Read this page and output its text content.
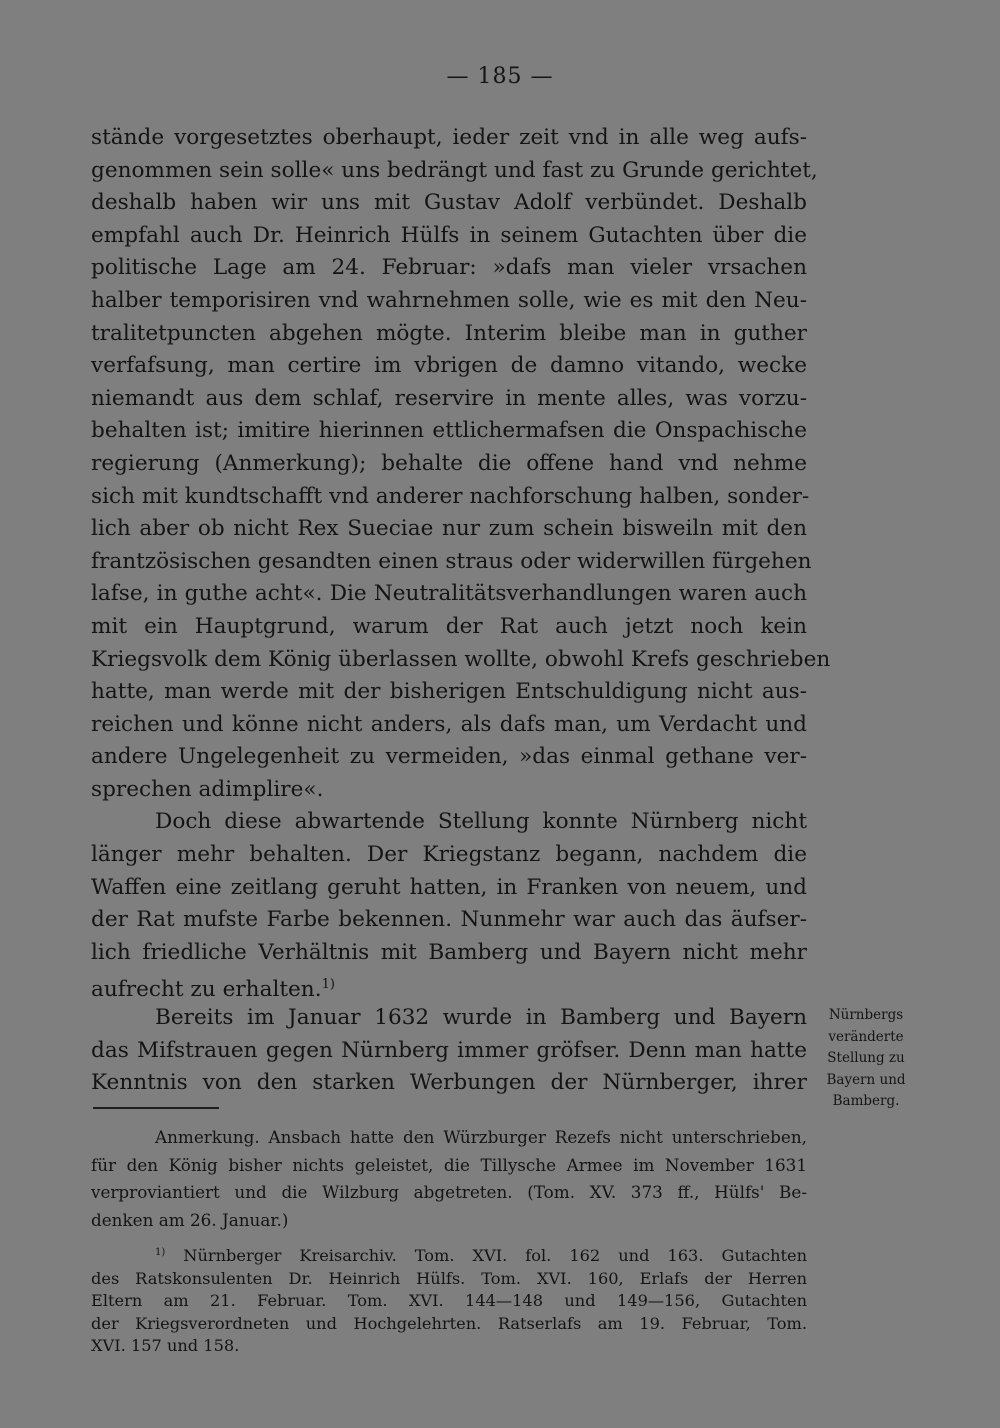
— 185 —
stände vorgesetztes oberhaupt, ieder zeit vnd in alle weg aufs-
genommen sein solle« uns bedrängt und fast zu Grunde gerichtet,
deshalb haben wir uns mit Gustav Adolf verbündet. Deshalb
empfahl auch Dr. Heinrich Hülfs in seinem Gutachten über die
politische Lage am 24. Februar: »dafs man vieler vrsachen
halber temporisiren vnd wahrnehmen solle, wie es mit den Neu-
tralitetpuncten abgehen mögte. Interim bleibe man in guther
verfafsung, man certire im vbrigen de damno vitando, wecke
niemandt aus dem schlaf, reservire in mente alles, was vorzu-
behalten ist; imitire hierinnen ettlichermafsen die Onspachische
regierung (Anmerkung); behalte die offene hand vnd nehme
sich mit kundtschafft vnd anderer nachforschung halben, sonder-
lich aber ob nicht Rex Sueciae nur zum schein bisweiln mit den
frantzösischen gesandten einen straus oder widerwillen fürgehen
lafse, in guthe acht«. Die Neutralitätsverhandlungen waren auch
mit ein Hauptgrund, warum der Rat auch jetzt noch kein
Kriegsvolk dem König überlassen wollte, obwohl Krefs geschrieben
hatte, man werde mit der bisherigen Entschuldigung nicht aus-
reichen und könne nicht anders, als dafs man, um Verdacht und
andere Ungelegenheit zu vermeiden, »das einmal gethane ver-
sprechen adimplire«.
Doch diese abwartende Stellung konnte Nürnberg nicht
länger mehr behalten. Der Kriegstanz begann, nachdem die
Waffen eine zeitlang geruht hatten, in Franken von neuem, und
der Rat mufste Farbe bekennen. Nunmehr war auch das äufser-
lich friedliche Verhältnis mit Bamberg und Bayern nicht mehr
aufrecht zu erhalten.$^{1)}$
Bereits im Januar 1632 wurde in Bamberg und Bayern
das Mifstrauen gegen Nürnberg immer gröfser. Denn man hatte
Kenntnis von den starken Werbungen der Nürnberger, ihrer
Nürnbergs
veränderte
Stellung zu
Bayern und
Bamberg.
Anmerkung. Ansbach hatte den Würzburger Rezefs nicht unterschrieben,
für den König bisher nichts geleistet, die Tillysche Armee im November 1631
verproviantiert und die Wilzburg abgetreten. (Tom. XV. 373 ff., Hülfs' Be-
denken am 26. Januar.)
$^{1)}$ Nürnberger Kreisarchiv. Tom. XVI. fol. 162 und 163. Gutachten
des Ratskonsulenten Dr. Heinrich Hülfs. Tom. XVI. 160, Erlafs der Herren
Eltern am 21. Februar. Tom. XVI. 144—148 und 149—156, Gutachten
der Kriegsverordneten und Hochgelehrten. Ratserlafs am 19. Februar, Tom.
XVI. 157 und 158.
